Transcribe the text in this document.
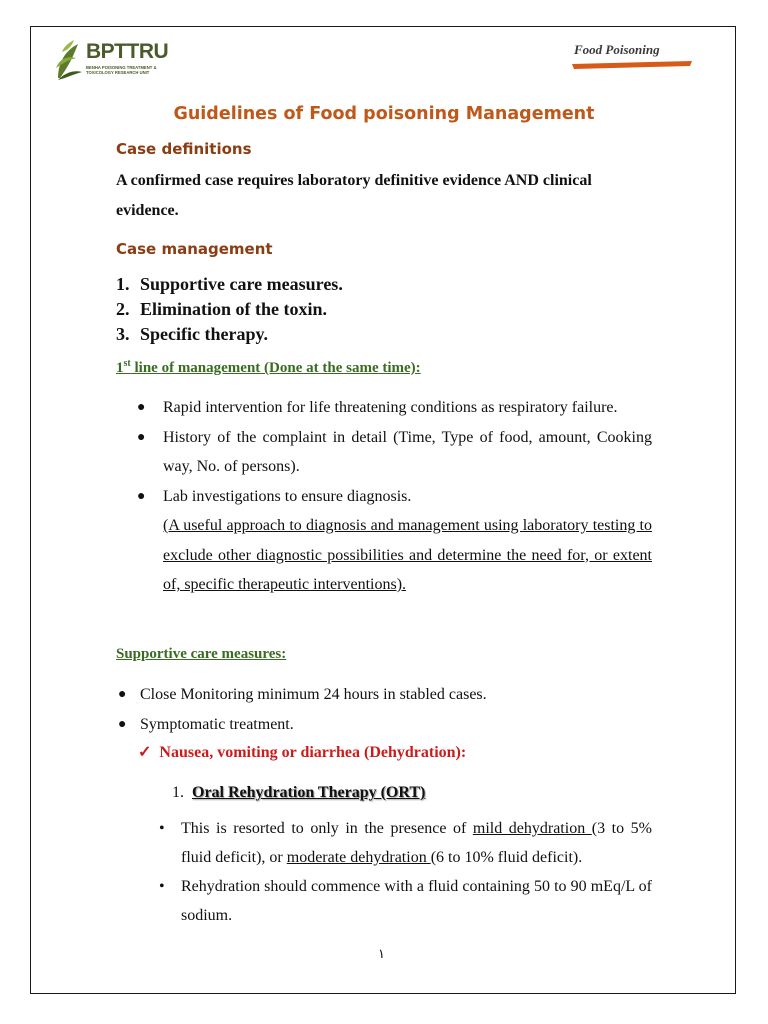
BPTTRU
BENHA POISONING TREATMENT & TOXICOLOGY RESEARCH UNIT
Food Poisoning
Guidelines of Food poisoning Management
Case definitions
A confirmed case requires laboratory definitive evidence AND clinical evidence.
Case management
1. Supportive care measures.
2. Elimination of the toxin.
3. Specific therapy.
1st line of management (Done at the same time):
● Rapid intervention for life threatening conditions as respiratory failure.
● History of the complaint in detail (Time, Type of food, amount, Cooking way, No. of persons).
● Lab investigations to ensure diagnosis.
(A useful approach to diagnosis and management using laboratory testing to exclude other diagnostic possibilities and determine the need for, or extent of, specific therapeutic interventions).
Supportive care measures:
● Close Monitoring minimum 24 hours in stabled cases.
● Symptomatic treatment.
✓ Nausea, vomiting or diarrhea (Dehydration):
1. Oral Rehydration Therapy (ORT)
• This is resorted to only in the presence of mild dehydration (3 to 5% fluid deficit), or moderate dehydration (6 to 10% fluid deficit).
• Rehydration should commence with a fluid containing 50 to 90 mEq/L of sodium.
١
